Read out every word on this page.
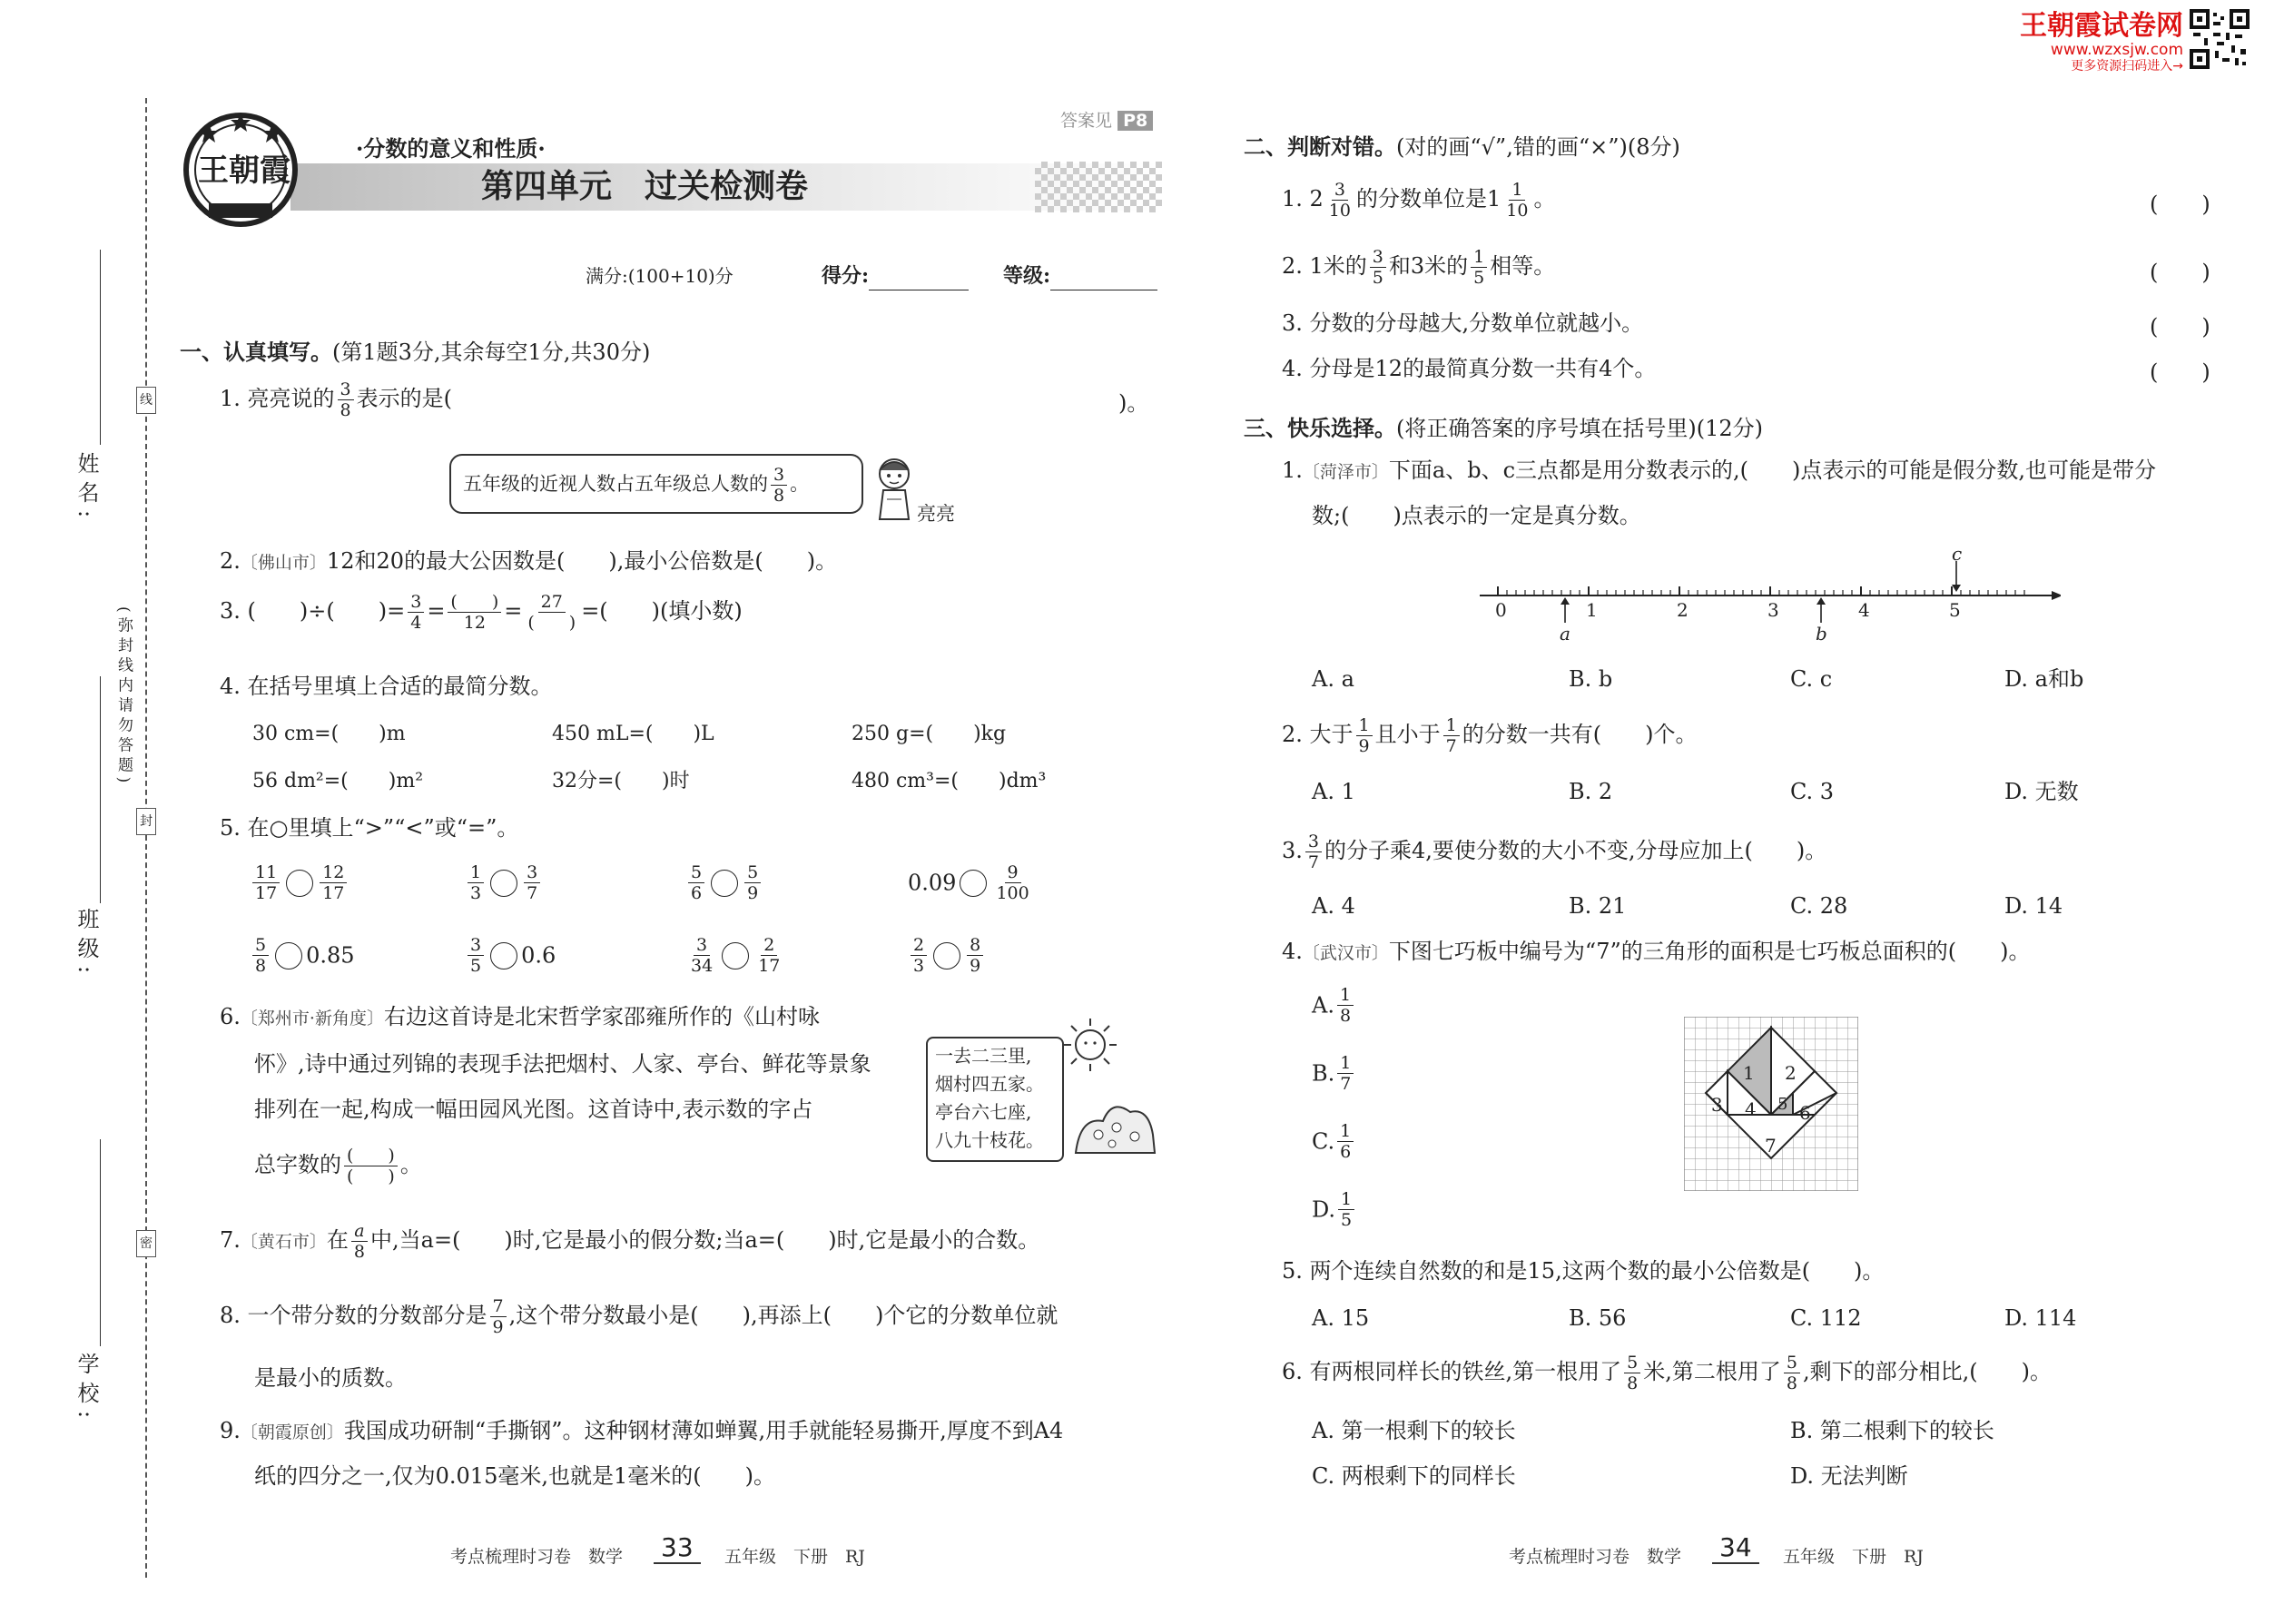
王朝霞试卷网
www.wzxsjw.com
更多资源扫码进入→
姓名:
班级:
学校:
(弥封线内请勿答题)
线
封
密
王朝霞
·分数的意义和性质·
第四单元　过关检测卷
答案见 P8
满分:(100+10)分	得分:	等级:
一、认真填写。(第1题3分,其余每空1分,共30分)
1. 亮亮说的 $\frac{3}{8}$ 表示的是(	)。
五年级的近视人数占五年级总人数的 $\frac{3}{8}$ 。
亮亮
2.〔佛山市〕12和20的最大公因数是(　　),最小公倍数是(　　)。
3. (　　)÷(　　)= $\frac{3}{4} = \frac{( )}{12} = \frac{27}{( )}$ =(　　)(填小数)
4. 在括号里填上合适的最简分数。
30 cm=(　　)m	450 mL=(　　)L	250 g=(　　)kg
56 dm²=(　　)m²	32分=(　　)时	480 cm³=(　　)dm³
5. 在○里填上“>”“<”或“=”。
$\frac{11}{17} \frac{12}{17}$	$\frac{1}{3} \frac{3}{7}$	$\frac{5}{6} \frac{5}{9}$	$0.09 \frac{9}{100}$
$\frac{5}{8} 0.85$	$\frac{3}{5} 0.6$	$\frac{3}{34} \frac{2}{17}$	$\frac{2}{3} \frac{8}{9}$
6.〔郑州市·新角度〕右边这首诗是北宋哲学家邵雍所作的《山村咏
怀》,诗中通过列锦的表现手法把烟村、人家、亭台、鲜花等景象
排列在一起,构成一幅田园风光图。这首诗中,表示数的字占
总字数的 $\frac{( )}{( )}$ 。
一去二三里,
烟村四五家。
亭台六七座,
八九十枝花。
7.〔黄石市〕在 $\frac{a}{8}$ 中,当a=(　　)时,它是最小的假分数;当a=(　　)时,它是最小的合数。
8. 一个带分数的分数部分是 $\frac{7}{9}$ ,这个带分数最小是(　　),再添上(　　)个它的分数单位就
是最小的质数。
9.〔朝霞原创〕我国成功研制“手撕钢”。这种钢材薄如蝉翼,用手就能轻易撕开,厚度不到A4
纸的四分之一,仅为0.015毫米,也就是1毫米的(　　)。
考点梳理时习卷　数学 33	五年级　下册　RJ
二、判断对错。(对的画“√”,错的画“×”)(8分)
1. $2 \frac{3}{10}$ 的分数单位是$1 \frac{1}{10}$ 。	(　　)
2. 1米的 $\frac{3}{5}$ 和3米的 $\frac{1}{5}$ 相等。	(　　)
3. 分数的分母越大,分数单位就越小。	(　　)
4. 分母是12的最简真分数一共有4个。	(　　)
三、快乐选择。(将正确答案的序号填在括号里)(12分)
1.〔菏泽市〕下面a、b、c三点都是用分数表示的,(　　)点表示的可能是假分数,也可能是带分
数;(　　)点表示的一定是真分数。
0	1	2	3	4	5
a	b
c
A. a	B. b	C. c	D. a和b
2. 大于 $\frac{1}{9}$ 且小于 $\frac{1}{7}$ 的分数一共有(　　)个。
A. 1	B. 2	C. 3	D. 无数
3. $\frac{3}{7}$ 的分子乘4,要使分数的大小不变,分母应加上(　　)。
A. 4	B. 21	C. 28	D. 14
4.〔武汉市〕下图七巧板中编号为“7”的三角形的面积是七巧板总面积的(　　)。
A. $\frac{1}{8}$
B. $\frac{1}{7}$
C. $\frac{1}{6}$
D. $\frac{1}{5}$
1 2
3 4 5 6
7
5. 两个连续自然数的和是15,这两个数的最小公倍数是(　　)。
A. 15	B. 56	C. 112	D. 114
6. 有两根同样长的铁丝,第一根用了 $\frac{5}{8}$ 米,第二根用了 $\frac{5}{8}$ ,剩下的部分相比,(　　)。
A. 第一根剩下的较长	B. 第二根剩下的较长
C. 两根剩下的同样长	D. 无法判断
考点梳理时习卷　数学 34	五年级　下册　RJ
